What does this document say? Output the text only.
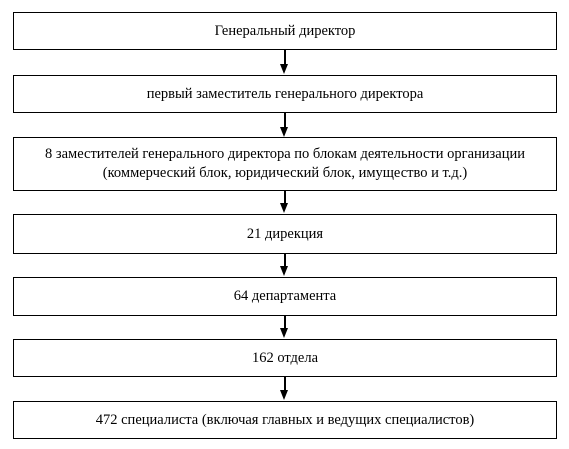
Генеральный директор
первый заместитель генерального директора
8 заместителей генерального директора по блокам деятельности организации (коммерческий блок, юридический блок, имущество и т.д.)
21 дирекция
64 департамента
162 отдела
472 специалиста (включая главных и ведущих специалистов)
